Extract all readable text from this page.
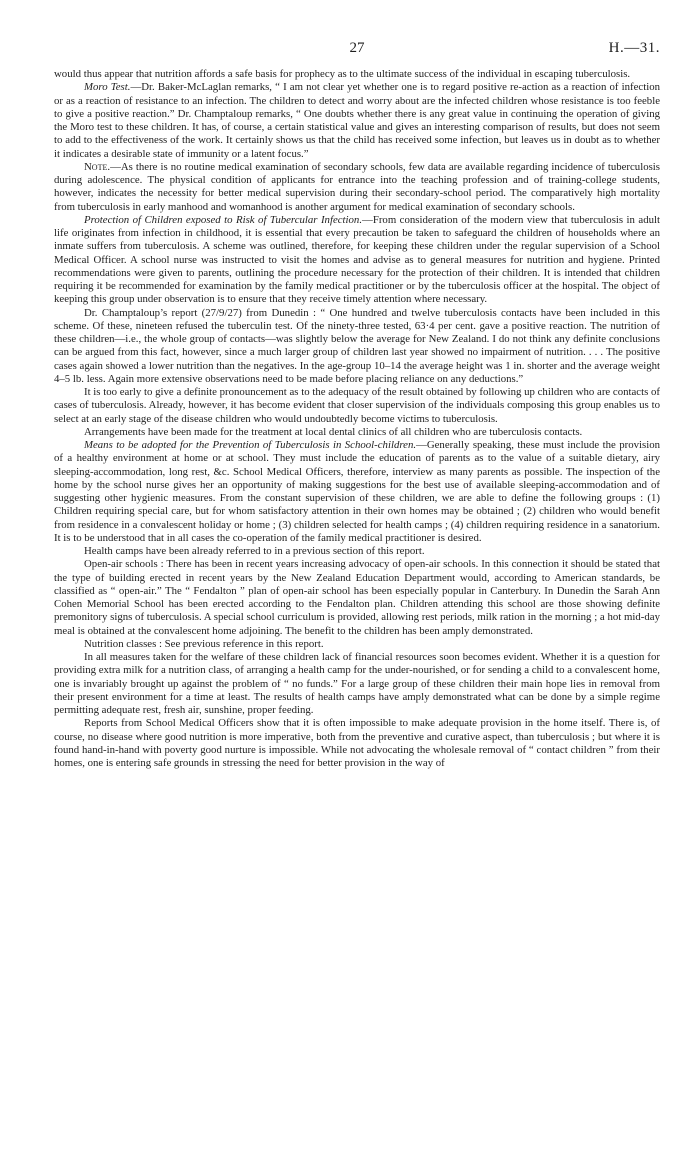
27	H.—31.

would thus appear that nutrition affords a safe basis for prophecy as to the ultimate success of the individual in escaping tuberculosis.

Moro Test.—Dr. Baker-McLaglan remarks, “ I am not clear yet whether one is to regard positive re-action as a reaction of infection or as a reaction of resistance to an infection. The children to detect and worry about are the infected children whose resistance is too feeble to give a positive reaction.” Dr. Champtaloup remarks, “ One doubts whether there is any great value in continuing the operation of giving the Moro test to these children. It has, of course, a certain statistical value and gives an interesting comparison of results, but does not seem to add to the effectiveness of the work. It certainly shows us that the child has received some infection, but leaves us in doubt as to whether it indicates a desirable state of immunity or a latent focus.”

Note.—As there is no routine medical examination of secondary schools, few data are available regarding incidence of tuberculosis during adolescence. The physical condition of applicants for entrance into the teaching profession and of training-college students, however, indicates the necessity for better medical supervision during their secondary-school period. The comparatively high mortality from tuberculosis in early manhood and womanhood is another argument for medical examination of secondary schools.

Protection of Children exposed to Risk of Tubercular Infection.—From consideration of the modern view that tuberculosis in adult life originates from infection in childhood, it is essential that every precaution be taken to safeguard the children of households where an inmate suffers from tuberculosis. A scheme was outlined, therefore, for keeping these children under the regular supervision of a School Medical Officer. A school nurse was instructed to visit the homes and advise as to general measures for nutrition and hygiene. Printed recommendations were given to parents, outlining the procedure necessary for the protection of their children. It is intended that children requiring it be recommended for examination by the family medical practitioner or by the tuberculosis officer at the hospital. The object of keeping this group under observation is to ensure that they receive timely attention where necessary.

Dr. Champtaloup’s report (27/9/27) from Dunedin : “ One hundred and twelve tuberculosis contacts have been included in this scheme. Of these, nineteen refused the tuberculin test. Of the ninety-three tested, 63·4 per cent. gave a positive reaction. The nutrition of these children—i.e., the whole group of contacts—was slightly below the average for New Zealand. I do not think any definite conclusions can be argued from this fact, however, since a much larger group of children last year showed no impairment of nutrition. . . . The positive cases again showed a lower nutrition than the negatives. In the age-group 10–14 the average height was 1 in. shorter and the average weight 4–5 lb. less. Again more extensive observations need to be made before placing reliance on any deductions.”

It is too early to give a definite pronouncement as to the adequacy of the result obtained by following up children who are contacts of cases of tuberculosis. Already, however, it has become evident that closer supervision of the individuals composing this group enables us to select at an early stage of the disease children who would undoubtedly become victims to tuberculosis.

Arrangements have been made for the treatment at local dental clinics of all children who are tuberculosis contacts.

Means to be adopted for the Prevention of Tuberculosis in School-children.—Generally speaking, these must include the provision of a healthy environment at home or at school. They must include the education of parents as to the value of a suitable dietary, airy sleeping-accommodation, long rest, &c. School Medical Officers, therefore, interview as many parents as possible. The inspection of the home by the school nurse gives her an opportunity of making suggestions for the best use of available sleeping-accommodation and of suggesting other hygienic measures. From the constant supervision of these children, we are able to define the following groups : (1) Children requiring special care, but for whom satisfactory attention in their own homes may be obtained ; (2) children who would benefit from residence in a convalescent holiday or home ; (3) children selected for health camps ; (4) children requiring residence in a sanatorium. It is to be understood that in all cases the co-operation of the family medical practitioner is desired.

Health camps have been already referred to in a previous section of this report.

Open-air schools : There has been in recent years increasing advocacy of open-air schools. In this connection it should be stated that the type of building erected in recent years by the New Zealand Education Department would, according to American standards, be classified as “ open-air.” The “ Fendalton ” plan of open-air school has been especially popular in Canterbury. In Dunedin the Sarah Ann Cohen Memorial School has been erected according to the Fendalton plan. Children attending this school are those showing definite premonitory signs of tuberculosis. A special school curriculum is provided, allowing rest periods, milk ration in the morning ; a hot mid-day meal is obtained at the convalescent home adjoining. The benefit to the children has been amply demonstrated.

Nutrition classes : See previous reference in this report.

In all measures taken for the welfare of these children lack of financial resources soon becomes evident. Whether it is a question for providing extra milk for a nutrition class, of arranging a health camp for the under-nourished, or for sending a child to a convalescent home, one is invariably brought up against the problem of “ no funds.” For a large group of these children their main hope lies in removal from their present environment for a time at least. The results of health camps have amply demonstrated what can be done by a simple regime permitting adequate rest, fresh air, sunshine, proper feeding.

Reports from School Medical Officers show that it is often impossible to make adequate provision in the home itself. There is, of course, no disease where good nutrition is more imperative, both from the preventive and curative aspect, than tuberculosis ; but where it is found hand-in-hand with poverty good nurture is impossible. While not advocating the wholesale removal of “ contact children ” from their homes, one is entering safe grounds in stressing the need for better provision in the way of
